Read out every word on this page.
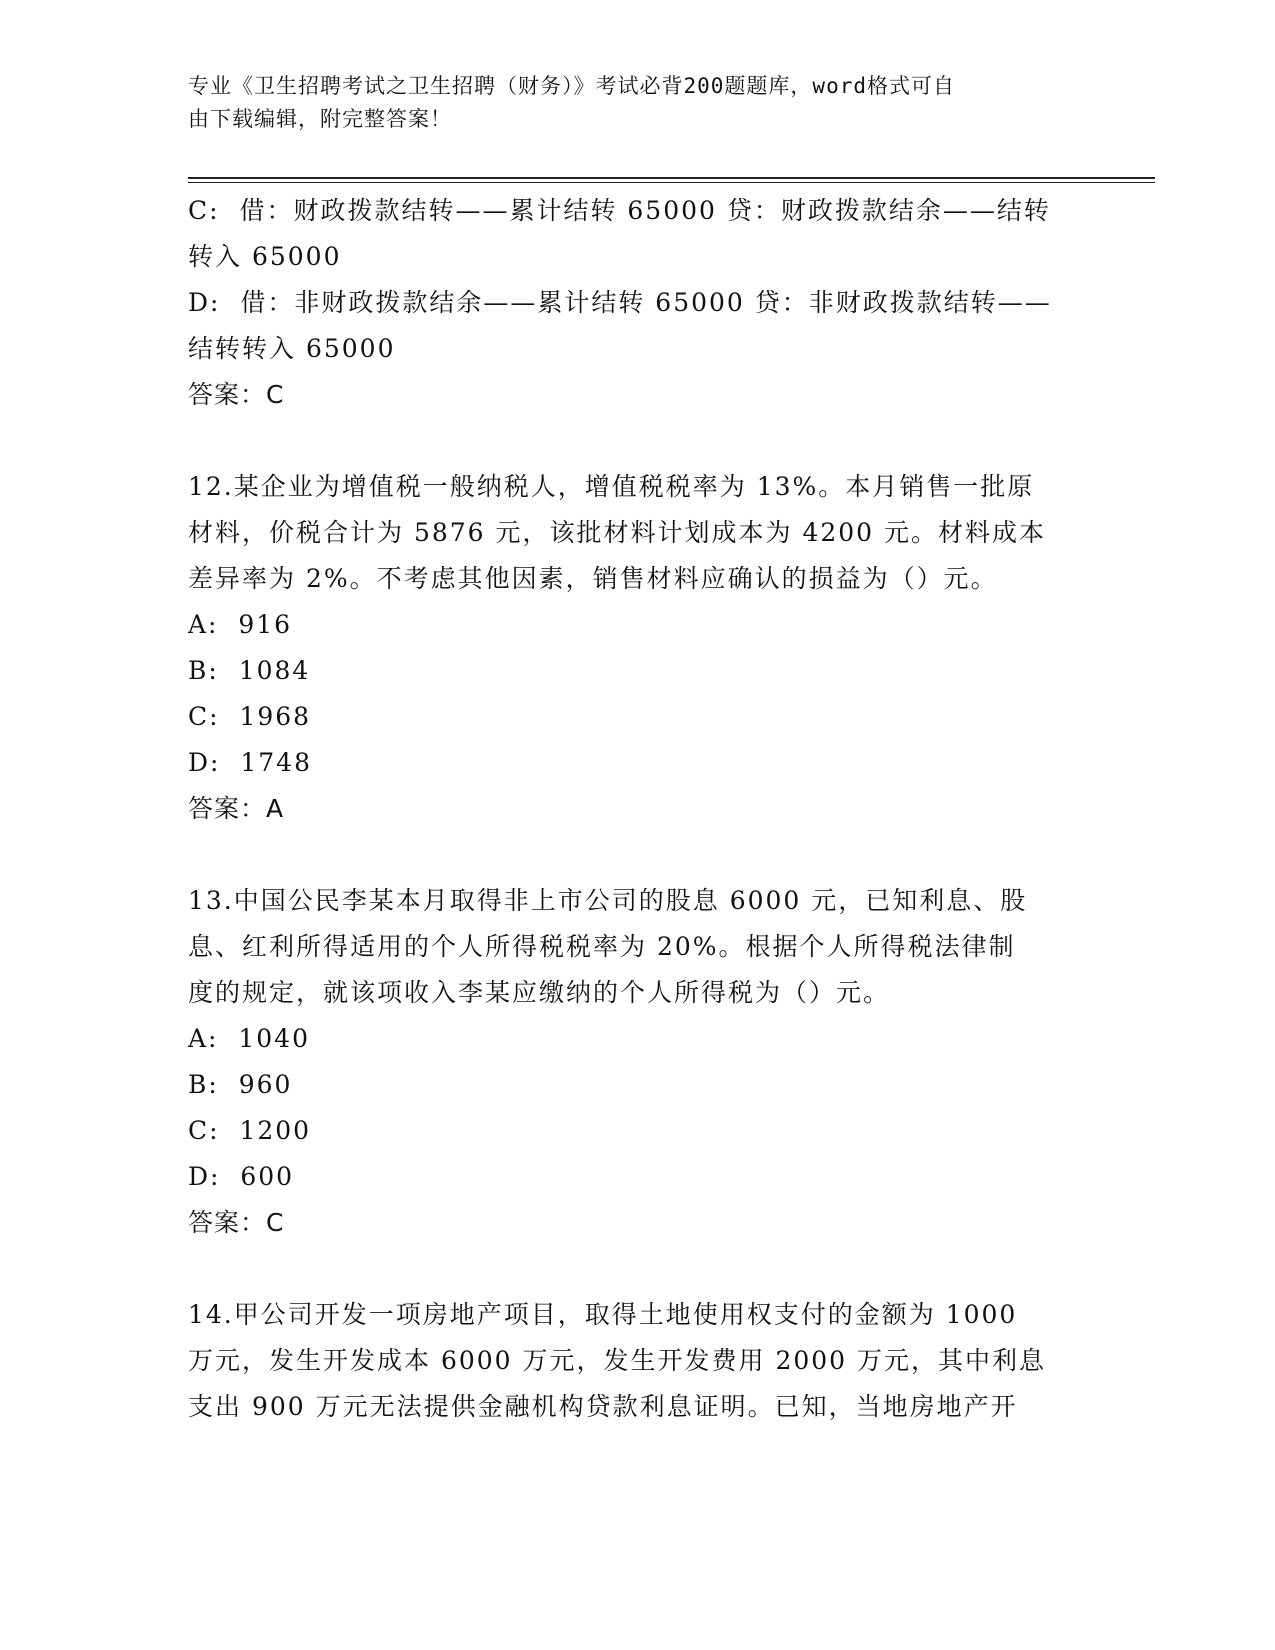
专业《卫生招聘考试之卫生招聘（财务）》考试必背200题题库，word格式可自
由下载编辑，附完整答案！
C:  借：财政拨款结转——累计结转 65000 贷：财政拨款结余——结转
转入 65000
D:  借：非财政拨款结余——累计结转 65000 贷：非财政拨款结转——
结转转入 65000
答案：C
12.某企业为增值税一般纳税人，增值税税率为 13%。本月销售一批原
材料，价税合计为 5876 元，该批材料计划成本为 4200 元。材料成本
差异率为 2%。不考虑其他因素，销售材料应确认的损益为（）元。
A:  916
B:  1084
C:  1968
D:  1748
答案：A
13.中国公民李某本月取得非上市公司的股息 6000 元，已知利息、股
息、红利所得适用的个人所得税税率为 20%。根据个人所得税法律制
度的规定，就该项收入李某应缴纳的个人所得税为（）元。
A:  1040
B:  960
C:  1200
D:  600
答案：C
14.甲公司开发一项房地产项目，取得土地使用权支付的金额为 1000
万元，发生开发成本 6000 万元，发生开发费用 2000 万元，其中利息
支出 900 万元无法提供金融机构贷款利息证明。已知，当地房地产开
